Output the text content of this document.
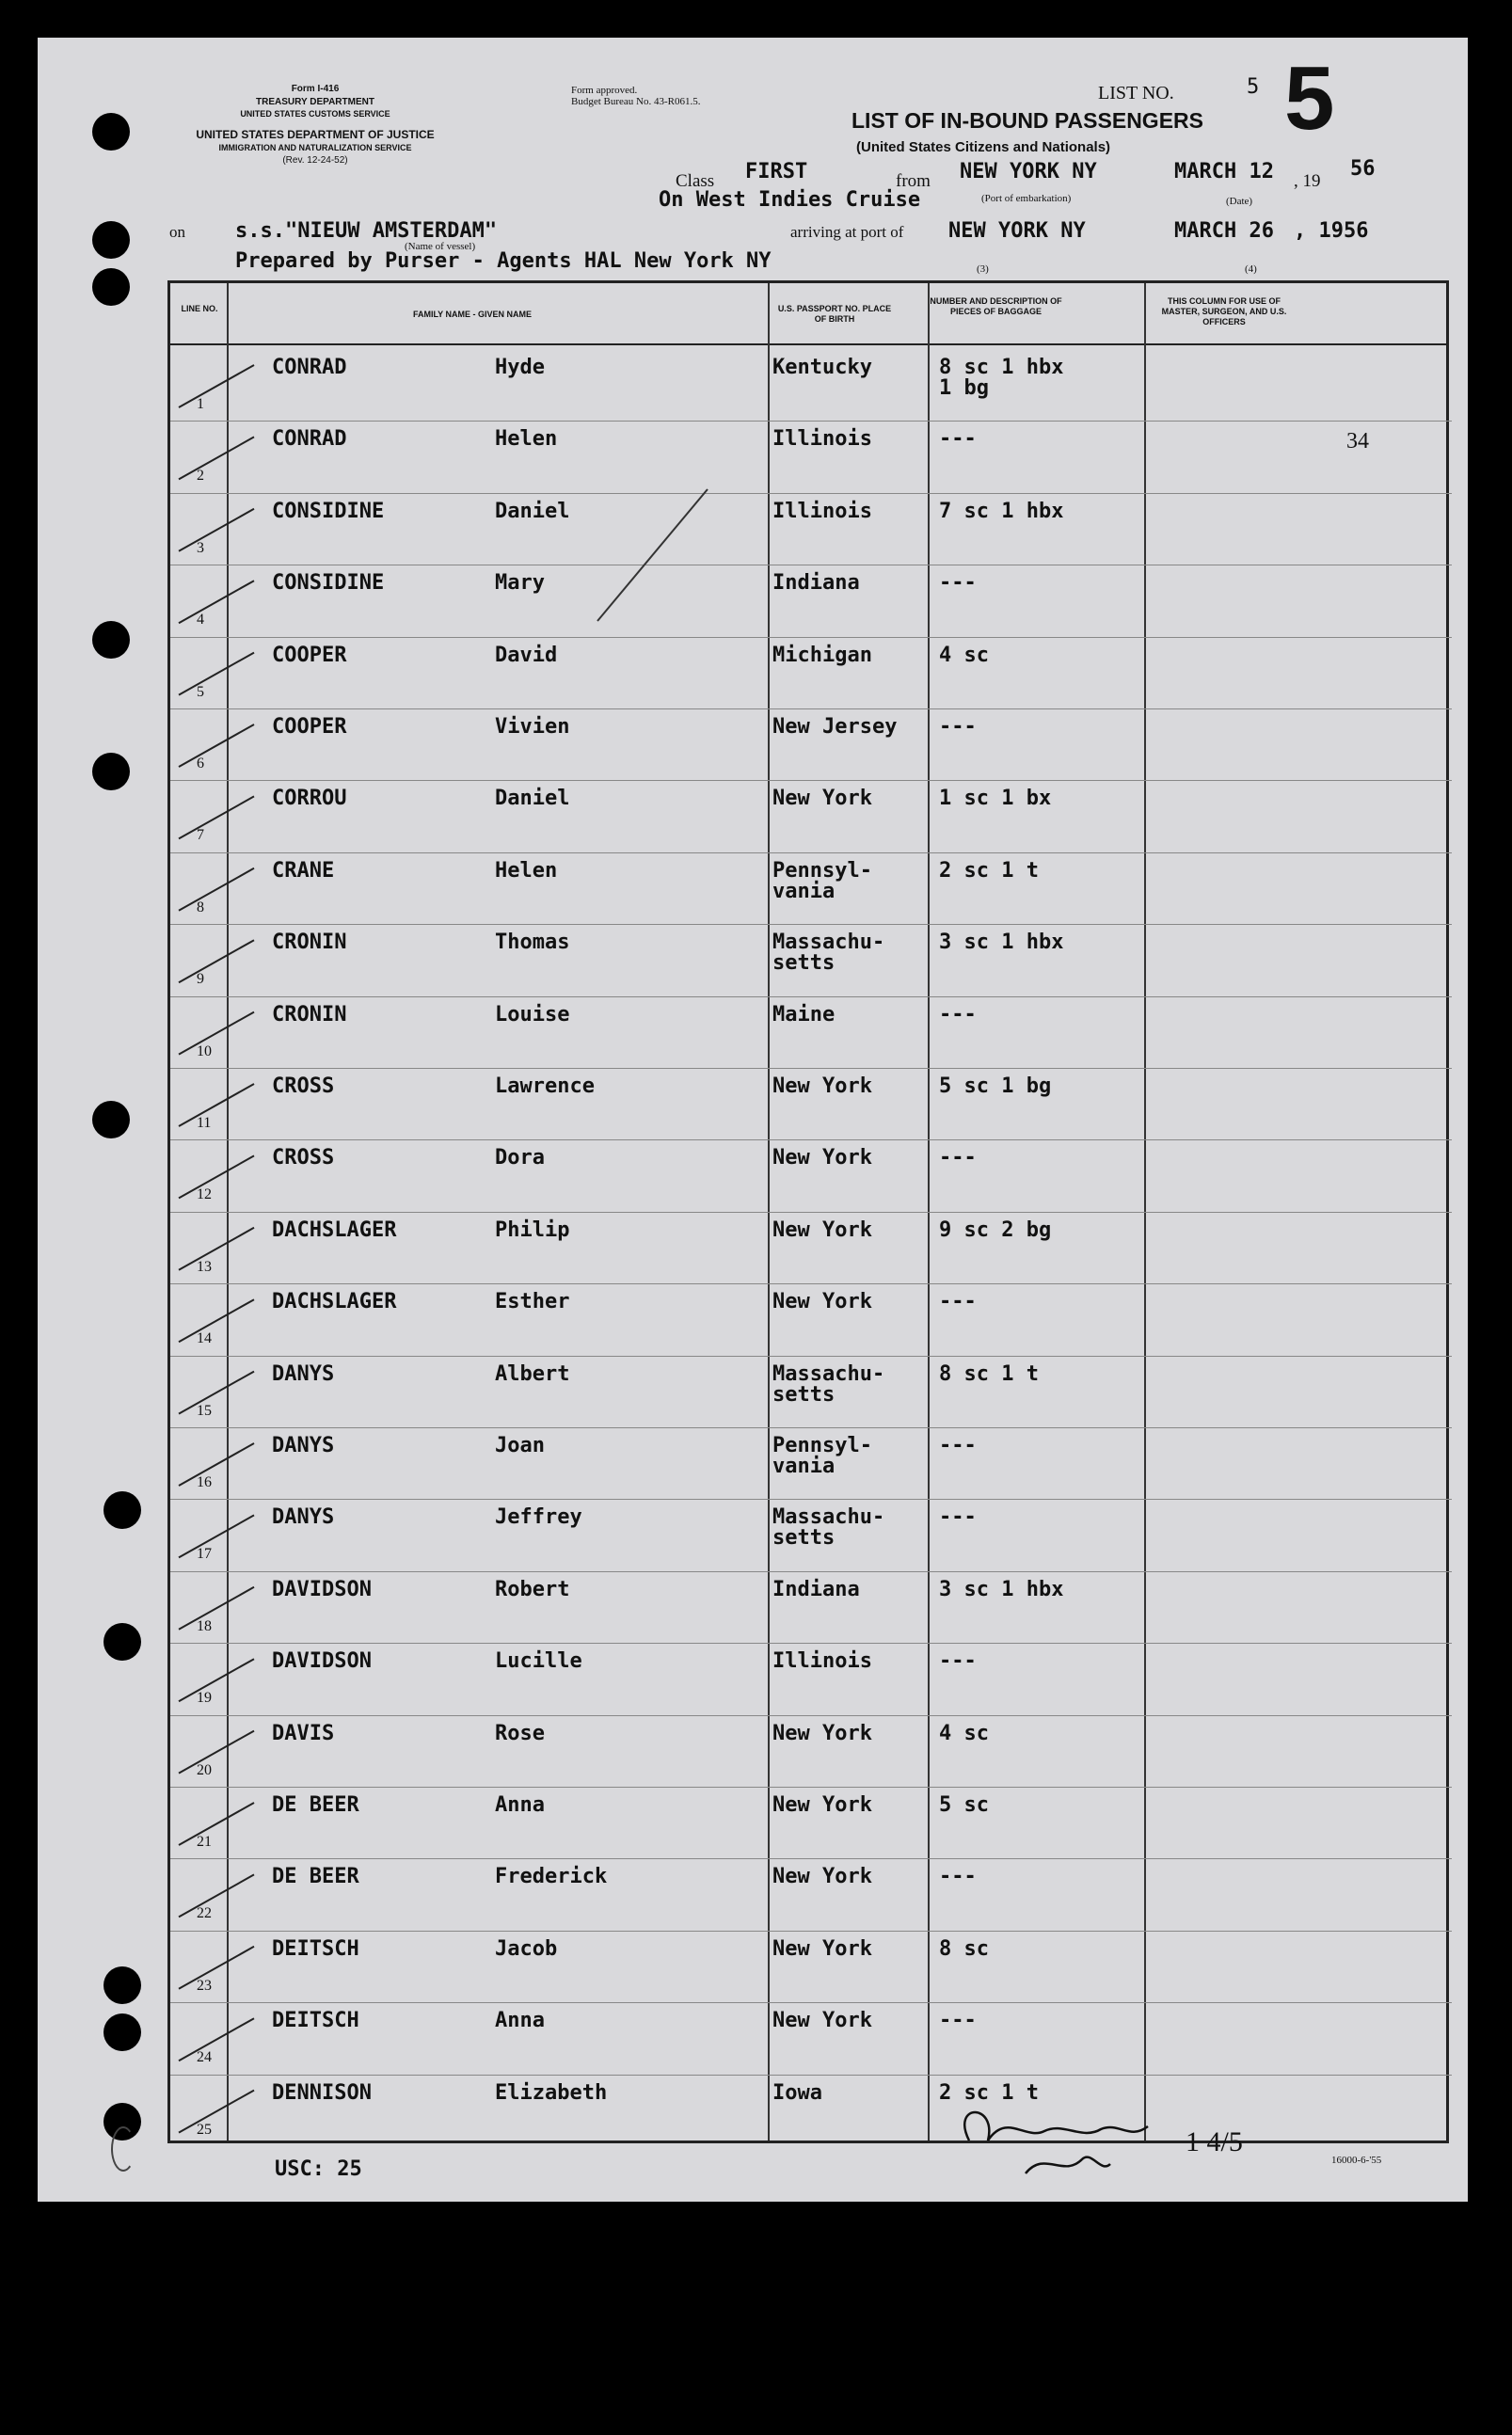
Form I-416
TREASURY DEPARTMENT
UNITED STATES CUSTOMS SERVICE
UNITED STATES DEPARTMENT OF JUSTICE
IMMIGRATION AND NATURALIZATION SERVICE
(Rev. 12-24-52)
Form approved.
Budget Bureau No. 43-R061.5.	LIST NO.	5 5
LIST OF IN-BOUND PASSENGERS
(United States Citizens and Nationals)
Class FIRST	from NEW YORK NY	MARCH 12 , 19
56
On West Indies Cruise	(Port of embarkation)	(Date)
on s.s."NIEUW AMSTERDAM"
(Name of vessel)
arriving at port of NEW YORK NY	MARCH 26 , 1956
Prepared by Purser - Agents HAL New York NY	(3)	(4)
LINE NO.
FAMILY NAME - GIVEN NAME
U.S. PASSPORT NO. PLACE OF BIRTH
NUMBER AND DESCRIPTION OF PIECES OF BAGGAGE
THIS COLUMN FOR USE OF MASTER, SURGEON, AND U.S. OFFICERS
1
CONRAD	Hyde	Kentucky	8 sc 1 hbx
1 bg
2
CONRAD	Helen	Illinois	---
3
CONSIDINE	Daniel	Illinois	7 sc 1 hbx
4
CONSIDINE	Mary	Indiana	---
5
COOPER	David	Michigan	4 sc
6
COOPER	Vivien	New Jersey ---
7
CORROU	Daniel	New York	1 sc 1 bx
8
CRANE	Helen	Pennsyl-
vania
2 sc 1 t
9
CRONIN	Thomas	Massachu-
setts
3 sc 1 hbx
10
CRONIN	Louise	Maine	---
11
CROSS	Lawrence	New York	5 sc 1 bg
12
CROSS	Dora	New York	---
13
DACHSLAGER	Philip	New York	9 sc 2 bg
14
DACHSLAGER	Esther	New York	---
15
DANYS	Albert	Massachu-
setts
8 sc 1 t
16
DANYS	Joan	Pennsyl-
vania
---
17
DANYS	Jeffrey	Massachu-
setts
---
18
DAVIDSON	Robert	Indiana	3 sc 1 hbx
19
DAVIDSON	Lucille	Illinois	---
20
DAVIS	Rose	New York	4 sc
21
DE BEER	Anna	New York	5 sc
22
DE BEER	Frederick	New York	---
23
DEITSCH	Jacob	New York	8 sc
24
DEITSCH	Anna	New York	---
25
DENNISON	Elizabeth	Iowa	2 sc 1 t
34
USC: 25	16000-6-'55
1 4/5
